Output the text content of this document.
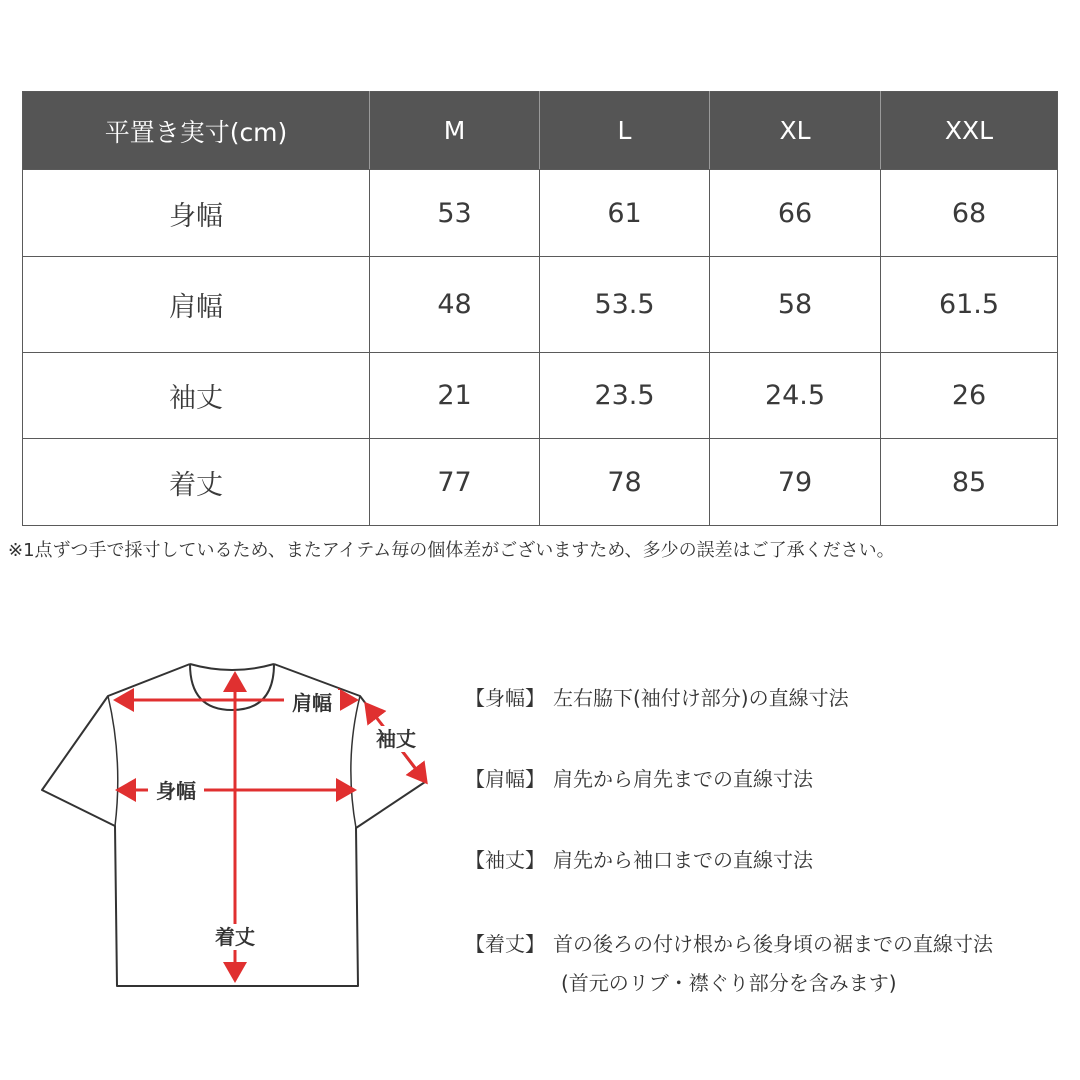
平置き実寸(cm)	M	L	XL	XXL
身幅	53	61	66	68
肩幅	48	53.5	58	61.5
袖丈	21	23.5	24.5	26
着丈	77	78	79	85
※1点ずつ手で採寸しているため、またアイテム毎の個体差がございますため、多少の誤差はご了承ください。
肩幅
袖丈
身幅
着丈
【身幅】 左右脇下(袖付け部分)の直線寸法
【肩幅】 肩先から肩先までの直線寸法
【袖丈】 肩先から袖口までの直線寸法
【着丈】 首の後ろの付け根から後身頃の裾までの直線寸法
(首元のリブ・襟ぐり部分を含みます)
